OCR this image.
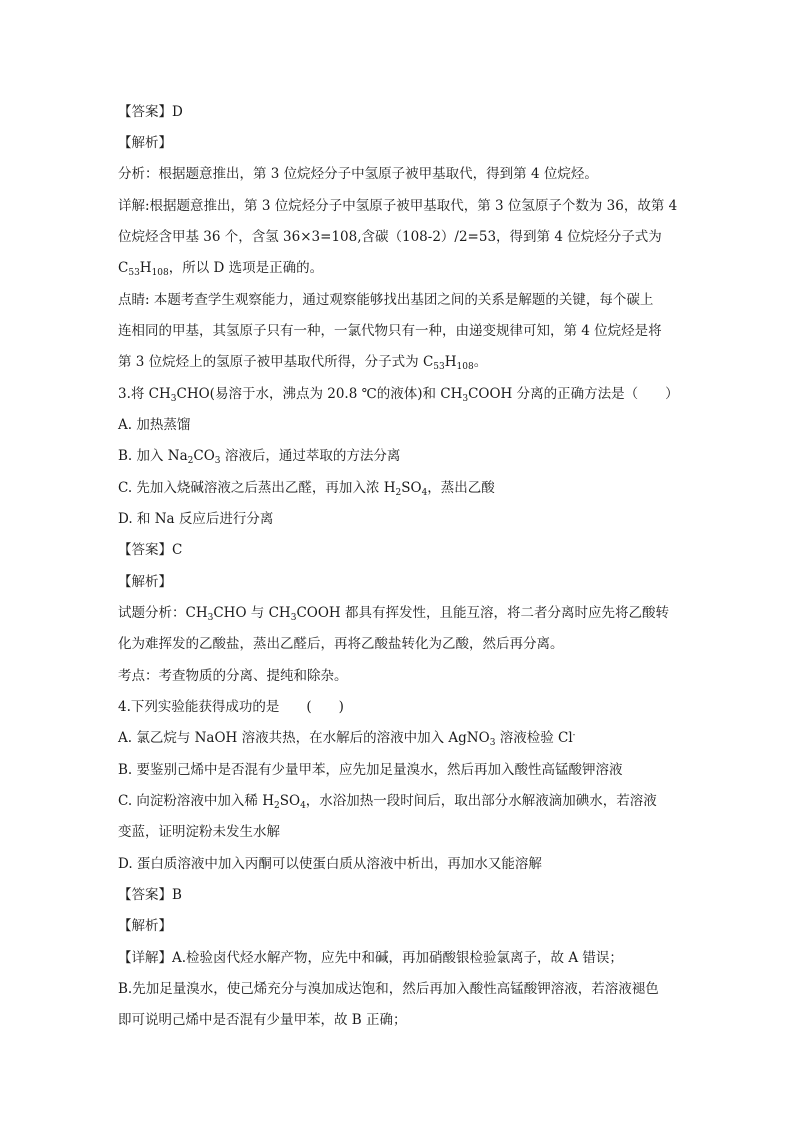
【答案】D
【解析】
分析：根据题意推出，第 3 位烷烃分子中氢原子被甲基取代，得到第 4 位烷烃。
详解:根据题意推出，第 3 位烷烃分子中氢原子被甲基取代，第 3 位氢原子个数为 36，故第 4
位烷烃含甲基 36 个，含氢 36×3=108,含碳（108-2）/2=53，得到第 4 位烷烃分子式为
$C_{53}H_{108}$，所以 D 选项是正确的。
点睛: 本题考查学生观察能力，通过观察能够找出基团之间的关系是解题的关键，每个碳上
连相同的甲基，其氢原子只有一种，一氯代物只有一种，由递变规律可知，第 4 位烷烃是将
第 3 位烷烃上的氢原子被甲基取代所得，分子式为 $C_{53}H_{108}$。
3.将 $CH_3CHO$(易溶于水，沸点为 20.8 ℃的液体)和 $CH_3COOH$ 分离的正确方法是（　　）
A. 加热蒸馏
B. 加入 $Na_2CO_3$ 溶液后，通过萃取的方法分离
C. 先加入烧碱溶液之后蒸出乙醛，再加入浓 $H_2SO_4$，蒸出乙酸
D. 和 Na 反应后进行分离
【答案】C
【解析】
试题分析：$CH_3CHO$ 与 $CH_3COOH$ 都具有挥发性，且能互溶，将二者分离时应先将乙酸转
化为难挥发的乙酸盐，蒸出乙醛后，再将乙酸盐转化为乙酸，然后再分离。
考点：考查物质的分离、提纯和除杂。
4.下列实验能获得成功的是　　(　　)
A. 氯乙烷与 NaOH 溶液共热，在水解后的溶液中加入 AgNO$_3$ 溶液检验 Cl-
B. 要鉴别己烯中是否混有少量甲苯，应先加足量溴水，然后再加入酸性高锰酸钾溶液
C. 向淀粉溶液中加入稀 $H_2SO_4$，水浴加热一段时间后，取出部分水解液滴加碘水，若溶液
变蓝，证明淀粉未发生水解
D. 蛋白质溶液中加入丙酮可以使蛋白质从溶液中析出，再加水又能溶解
【答案】B
【解析】
【详解】A.检验卤代烃水解产物，应先中和碱，再加硝酸银检验氯离子，故 A 错误；
B.先加足量溴水，使己烯充分与溴加成达饱和，然后再加入酸性高锰酸钾溶液，若溶液褪色
即可说明己烯中是否混有少量甲苯，故 B 正确；
